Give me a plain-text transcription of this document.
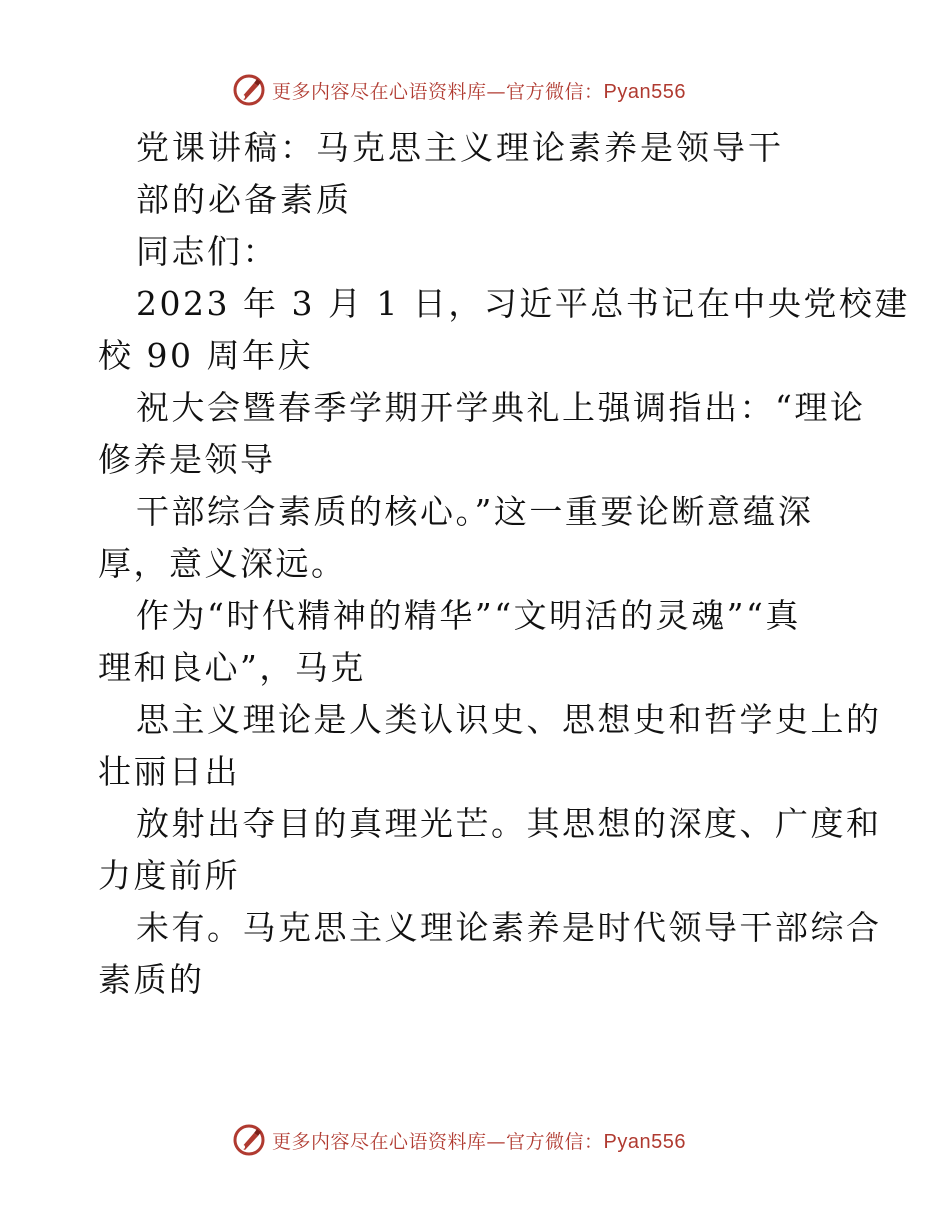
更多内容尽在心语资料库—官方微信：Pyan556
党课讲稿：马克思主义理论素养是领导干
部的必备素质
同志们：
2023 年 3 月 1 日，习近平总书记在中央党校建
校 90 周年庆
祝大会暨春季学期开学典礼上强调指出：“理论
修养是领导
干部综合素质的核心。”这一重要论断意蕴深
厚，意义深远。
作为“时代精神的精华”“文明活的灵魂”“真
理和良心”，马克
思主义理论是人类认识史、思想史和哲学史上的
壮丽日出
放射出夺目的真理光芒。其思想的深度、广度和
力度前所
未有。马克思主义理论素养是时代领导干部综合
素质的
更多内容尽在心语资料库—官方微信：Pyan556
